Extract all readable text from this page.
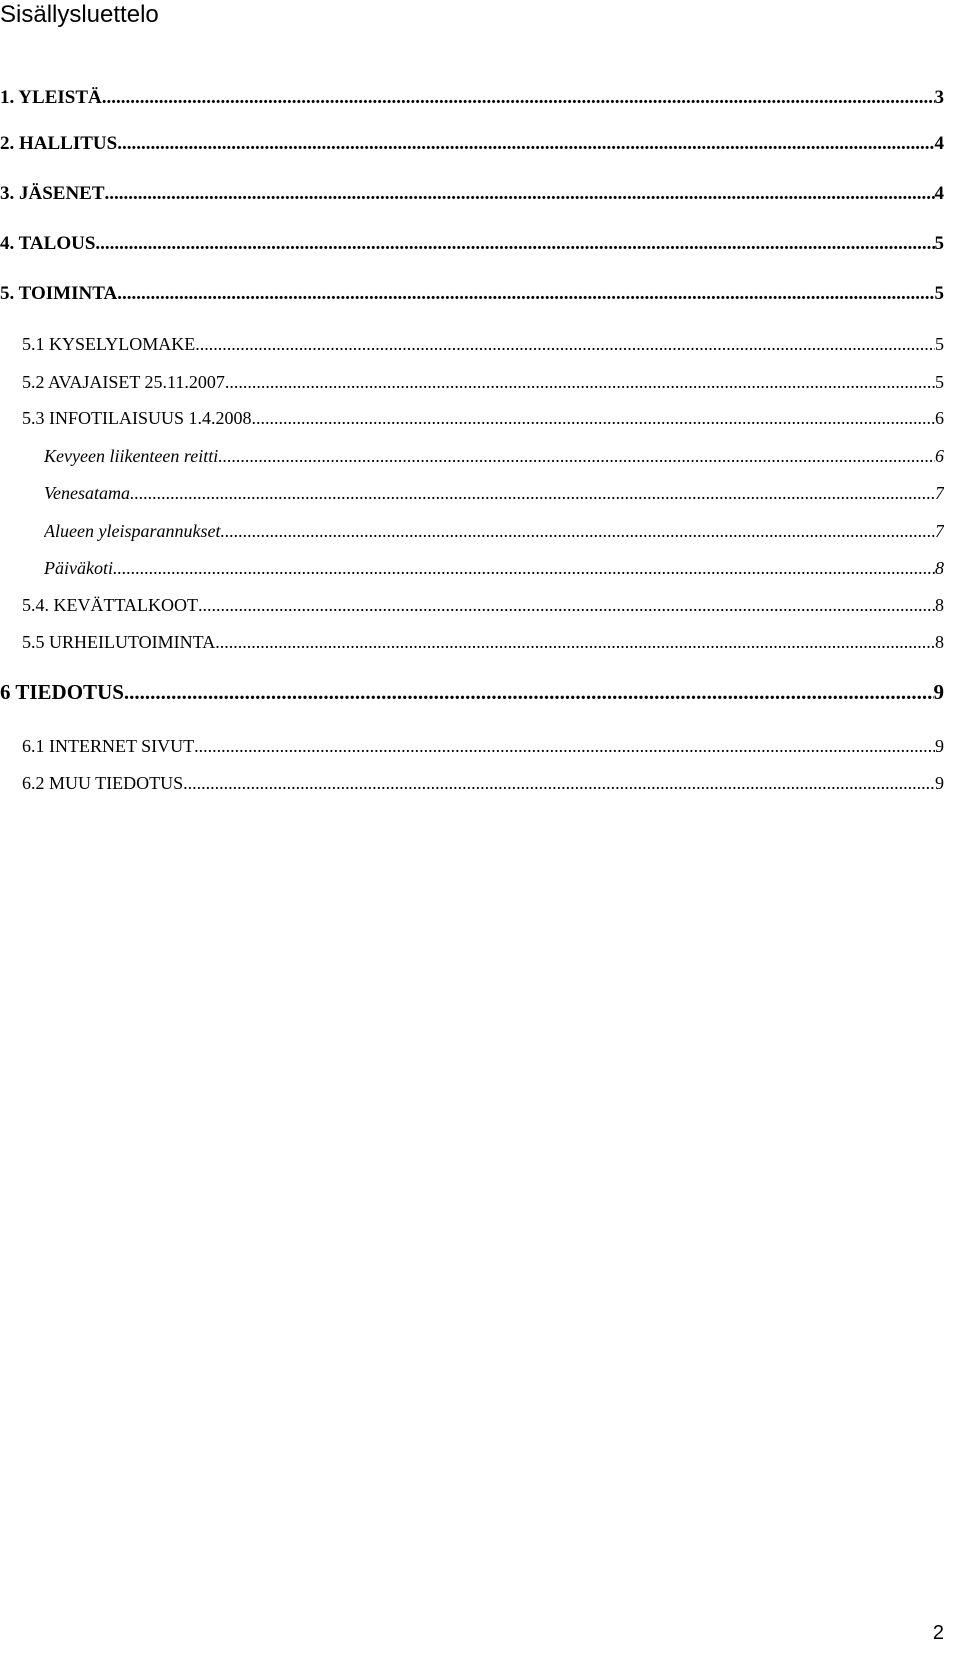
Sisällysluettelo
1. YLEISTÄ .....	3
2. HALLITUS .....	4
3. JÄSENET .....	4
4. TALOUS .....	5
5. TOIMINTA .....	5
5.1 KYSELYLOMAKE .....	5
5.2 AVAJAISET 25.11.2007 .....	5
5.3 INFOTILAISUUS 1.4.2008 .....	6
Kevyeen liikenteen reitti .....	6
Venesatama .....	7
Alueen yleisparannukset .....	7
Päiväkoti .....	8
5.4. KEVÄTTALKOOT .....	8
5.5 URHEILUTOIMINTA .....	8
6 TIEDOTUS .....	9
6.1 INTERNET SIVUT .....	9
6.2 MUU TIEDOTUS .....	9

2
